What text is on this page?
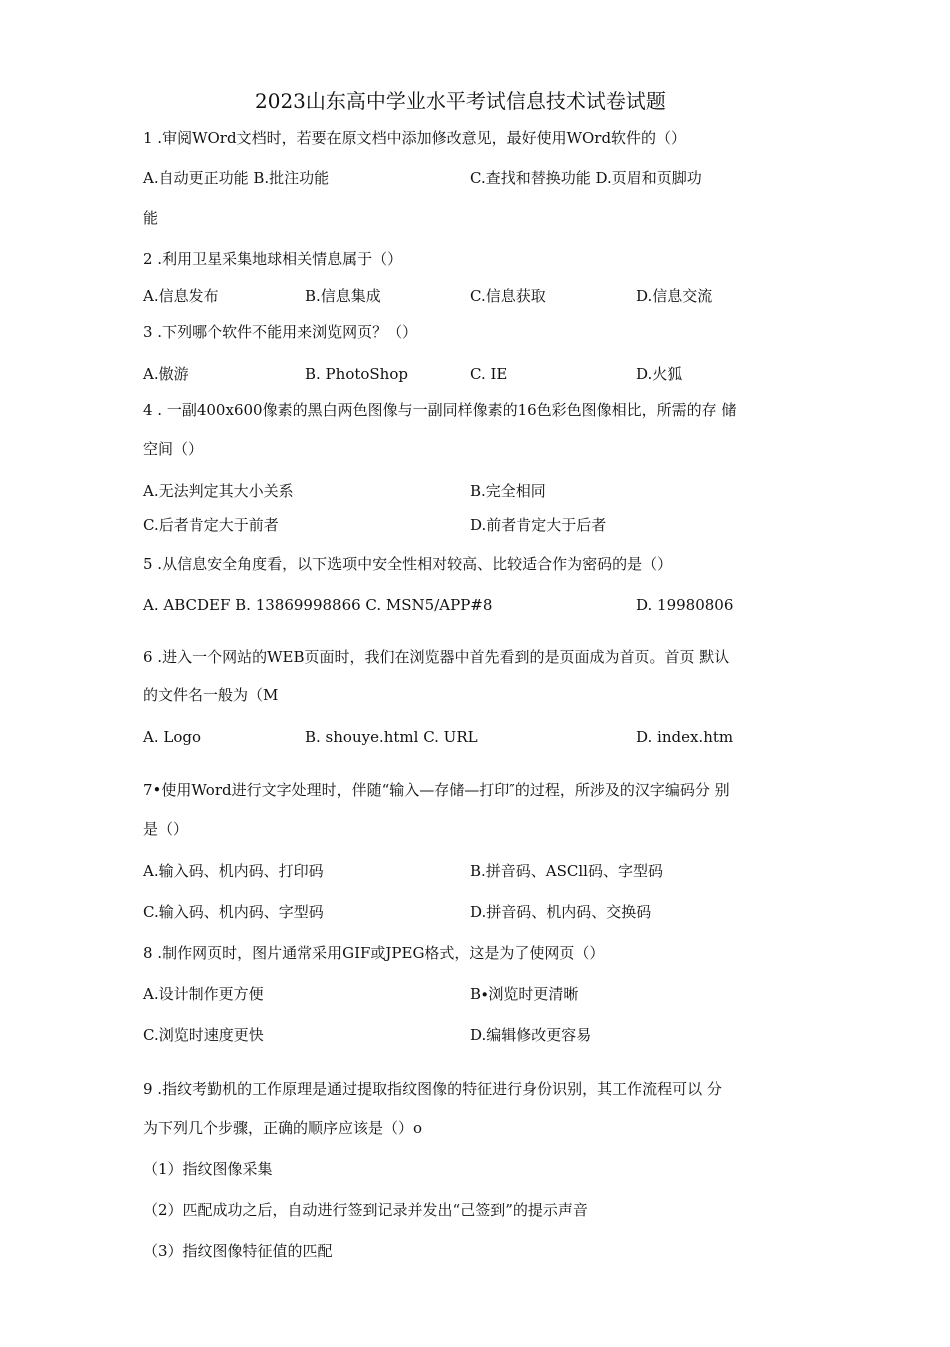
2023山东高中学业水平考试信息技术试卷试题
1 .审阅WOrd文档时，若要在原文档中添加修改意见，最好使用WOrd软件的（）
A.自动更正功能 B.批注功能	C.查找和替换功能 D.页眉和页脚功
能
2 .利用卫星采集地球相关情息属于（）
A.信息发布	B.信息集成	C.信息获取	D.信息交流
3 .下列哪个软件不能用来浏览网页？（）
A.傲游	B. PhotoShop	C. IE	D.火狐
4 . 一副400x600像素的黑白两色图像与一副同样像素的16色彩色图像相比，所需的存 储
空间（）
A.无法判定其大小关系	B.完全相同
C.后者肯定大于前者	D.前者肯定大于后者
5 .从信息安全角度看，以下选项中安全性相对较高、比较适合作为密码的是（）
A. ABCDEF B. 13869998866 C. MSN5/APP#8	D. 19980806
6 .进入一个网站的WEB页面时，我们在浏览器中首先看到的是页面成为首页。首页 默认
的文件名一般为（M
A. Logo	B. shouye.html C. URL	D. index.htm
7•使用Word进行文字处理时，伴随“输入—存储—打印″的过程，所涉及的汉字编码分 别
是（）
A.输入码、机内码、打印码	B.拼音码、ASCll码、字型码
C.输入码、机内码、字型码	D.拼音码、机内码、交换码
8 .制作网页时，图片通常采用GIF或JPEG格式，这是为了使网页（）
A.设计制作更方便	B∙浏览时更清晰
C.浏览时速度更快	D.编辑修改更容易
9 .指纹考勤机的工作原理是通过提取指纹图像的特征进行身份识别，其工作流程可以 分
为下列几个步骤，正确的顺序应该是（）o
（1）指纹图像采集
（2）匹配成功之后，自动进行签到记录并发出“己签到”的提示声音
（3）指纹图像特征值的匹配
